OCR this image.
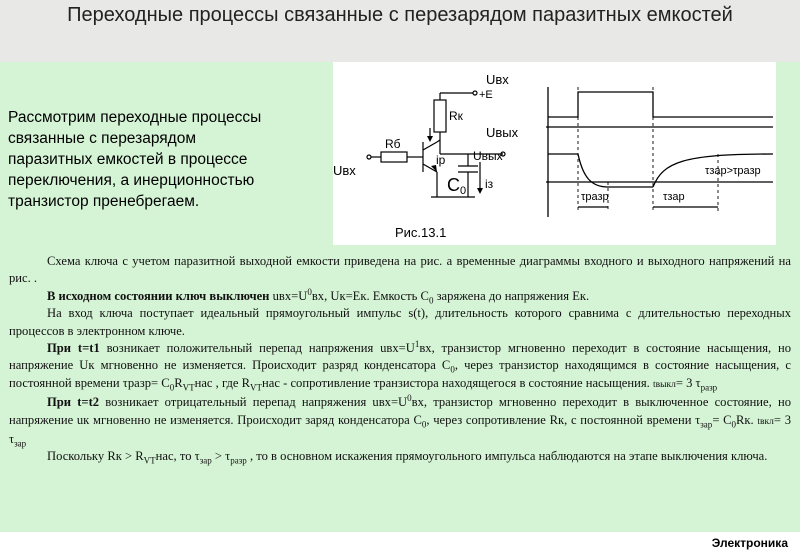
Переходные процессы связанные с перезарядом паразитных емкостей
Рассмотрим переходные процессы
связанные с перезарядом
паразитных емкостей в процессе
переключения, а инерционностью
транзистор пренебрегаем.
Uвх
+E
Rк
Rб
Uвх
iр
C0
Uвых
iз
Uвых
τзар>τразр
τразр	τзар
Рис.13.1

Схема ключа с учетом паразитной выходной емкости приведена на рис. а временные диаграммы входного и выходного напряжений на рис. .

В исходном состоянии ключ выключен $uвх=U^0вх$, Uк=Eк. Емкость $C_0$ заряжена до напряжения Eк.

На вход ключа поступает идеальный прямоугольный импульс s(t), длительность которого сравнима с длительностью переходных процессов в электронном ключе.

При t=t1 возникает положительный перепад напряжения $uвх=U^1вх$, транзистор мгновенно переходит в состояние насыщения, но напряжение Uк мгновенно не изменяется. Происходит разряд конденсатора $C_0$, через транзистор находящимся в состояние насыщения, с постоянной времени τразр= $C_0R_{VT}нас$ , где $R_{VT}нас$ - сопротивление транзистора находящегося в состояние насыщения. tвыкл= 3 $\tau_{разр}$

При t=t2 возникает отрицательный перепад напряжения $uвх=U^0вх$, транзистор мгновенно переходит в выключенное состояние, но напряжение uк мгновенно не изменяется. Происходит заряд конденсатора $C_0$, через сопротивление Rк, с постоянной времени $\tau_{зар}= C_0Rк$. tвкл= 3 $\tau_{зар}$

Поскольку Rк > $R_{VT}нас$, то $\tau_{зар} > \tau_{разр}$ , то в основном искажения прямоугольного импульса наблюдаются на этапе выключения ключа.

Электроника
